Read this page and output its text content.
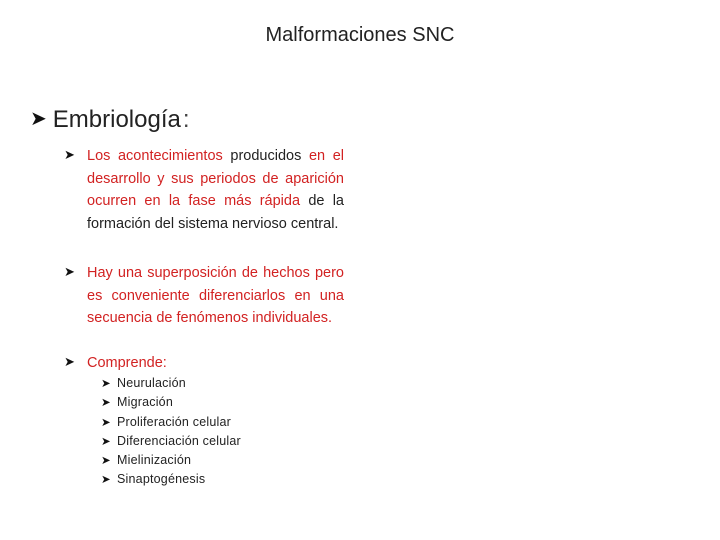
Malformaciones SNC
➤ Embriología:
➤ Los acontecimientos producidos en el desarrollo y sus periodos de aparición ocurren en la fase más rápida de la formación del sistema nervioso central.
➤ Hay una superposición de hechos pero es conveniente diferenciarlos en una secuencia de fenómenos individuales.
➤ Comprende:
➤ Neurulación
➤ Migración
➤ Proliferación celular
➤ Diferenciación celular
➤ Mielinización
➤ Sinaptogénesis
